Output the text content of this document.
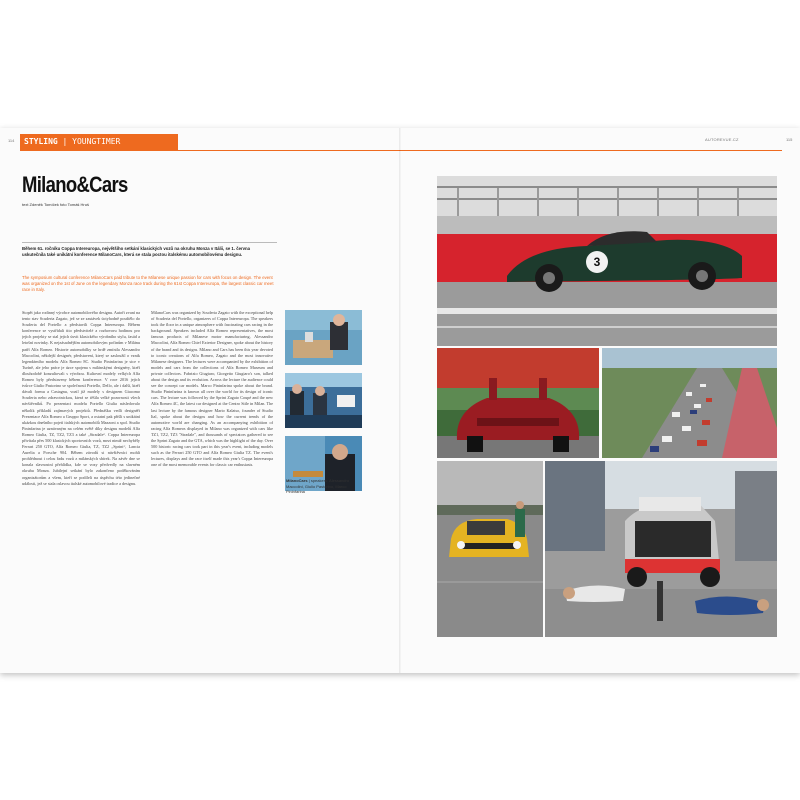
114	STYLING | YOUNGTIMER	AUTOREVUE.CZ	115
Milano&Cars
text Zdeněk Tomíček foto Tomáš Hruš
Během 61. ročníku Coppa Intereuropa, největšího setkání klasických vozů na okruhu Monza v Itálii, se 1. června uskutečnila také unikátní konference MilanoCars, která se stala poctou italskému automobilovému designu.
The symposium cultural conference MilanoCars paid tribute to the Milanese unique passion for cars with focus on design. The event was organized on the 1st of June on the legendary Monza race track during the 61st Coppa Intereuropa, the largest classic car meet race in Italy.

Stopět jako rodinný výrobce automobilového designu. Autoři zvaní na tento stav Scuderia Zagato, jež se ze zastávek úctyhodně pouštělo do Scuderia del Portello a představili Coppa Intereuropa. Během konference se vystřídali tito předstvitelé a rozhovoru hodinou pro jejich projekty se stal jejich úsvit klasického výrobního stylu, fasád a letošní novinky. K nejzásadnějším automobilovým počinům v Milánu patří Alfa Romeo. Historie automobilky se hrdě zmínila Alessandro Maccolini, někdejší designér, představení, který se zasloužil o vznik legendárního modelu Alfa Romeo 8C. Studio Pininfarina je sice v Turíně, ale jeho práce je úzce spojena s milánskými designéry, kteří dlouhodobě konzultovali s výrobou. Kultovní modely velkých Alfa Romeo byly představeny během konference. V roce 2016 jejich tvůrce Giulio Pastorino se společností Portello, Dello, ale i další, kteří dávali formu a Castagnu, vozil již modely s designem Giacomo Scuderia nebo zdravotnickou, která se těšila velké pozornosti všech návštěvníků. Po prezentaci modelu Portello Giulia následovalo několik příkladů zajímavých projektů. Přednášku vedli designéři Prezentace Alfa Romeo a Gruppo Sport, a ostatní pak přišli s unikátní ukázkou dnešního pojetí italských automobilů Mazzoni a spol. Studio Pininfarina je uznávaným na celém světě díky designu modelů Alfa Romeo Giulia, TZ, TZ2, TZ3 a také „Stradale“. Coppa Intereuropa přivítala přes 500 klasických sportovních vozů, mezi nimiž nechyběly Ferrari 250 GTO, Alfa Romeo Giulia, TZ, TZ2 „Sprint“, Lancia Aurelia a Porsche 904. Během závodů si návštěvníci mohli prohlédnout i celou řadu vozů z milánských sbírek. Na závěr dne se konala slavnostní přehlídka, kde se vozy předvedly na slavném okruhu Monza. Jubilejní setkání bylo zakončeno poděkováním organizátorům a všem, kteří se podíleli na úspěchu této jedinečné události, jež se stala oslavou italské automobilové tradice a designu.

MilanoCars was organized by Scuderia Zagato with the exceptional help of Scuderia del Portello, organizers of Coppa Intereuropa. The speakers took the floor in a unique atmosphere with fascinating cars racing in the background. Speakers included Alfa Romeo representatives, the most famous products of Milanese motor manufacturing, Alessandro Maccolini, Alfa Romeo Chief Exterior Designer, spoke about the history of the brand and its designs. Milano and Cars has been this year devoted to iconic creations of Alfa Romeo, Zagato and the most innovative Milanese designers. The lectures were accompanied by the exhibition of models and cars from the collections of Alfa Romeo Museum and private collectors. Fabrizio Giugiaro, Giorgetto Giugiaro's son, talked about the design and its evolution. Across the lecture the audience could see the concept car models. Marco Pininfarina spoke about the brand. Studio Pininfarina is known all over the world for its design of iconic cars. The lecture was followed by the Sprint Zagato Coupé and the new Alfa Romeo 4C, the latest car designed at the Centro Stile in Milan. The last lecture by the famous designer Mario Kalatso, founder of Studio Ital, spoke about the designs and how the current trends of the automotive world are changing. As an accompanying exhibition of racing Alfa Romeos displayed in Milano was organized with cars like TZ1, TZ2, TZ3 "Stradale", and thousands of spectators gathered to see the Sprint Zagato and the GTA, which was the highlight of the day. Over 500 historic racing cars took part in this year's event, including models such as the Ferrari 250 GTO and Alfa Romeo Giulia TZ. The event's lectures, displays and the race itself made this year's Coppa Intereuropa one of the most memorable events for classic car enthusiasts.

MilanoCars | speakers: Alessandro Maccolini, Giulio Pastorino, Marco Pininfarina
3
